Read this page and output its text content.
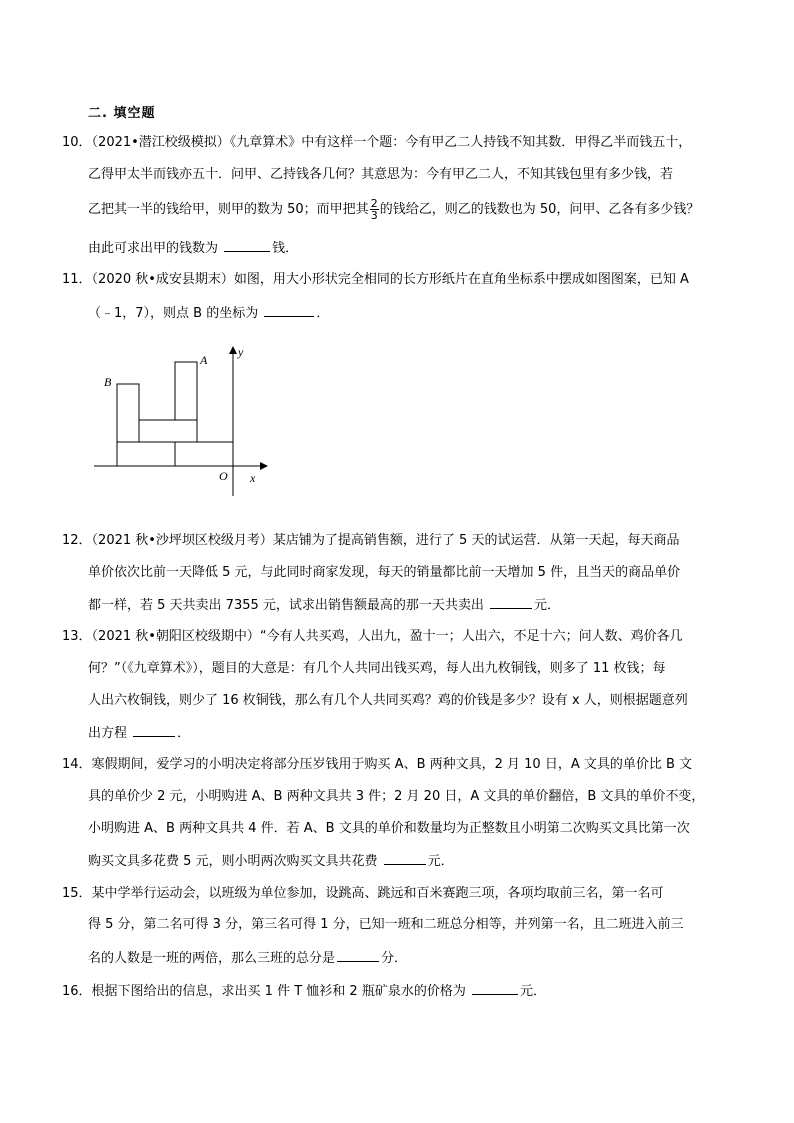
二. 填空题
10．（2021•潜江校级模拟）《九章算术》中有这样一个题：今有甲乙二人持钱不知其数．甲得乙半而钱五十，
乙得甲太半而钱亦五十．问甲、乙持钱各几何？其意思为：今有甲乙二人，不知其钱包里有多少钱，若
乙把其一半的钱给甲，则甲的数为 50；而甲把其 $\frac{2}{3}$ 的钱给乙，则乙的钱数也为 50，问甲、乙各有多少钱？
由此可求出甲的钱数为	钱．
11．（2020 秋•成安县期末）如图，用大小形状完全相同的长方形纸片在直角坐标系中摆成如图图案，已知 A
（﹣1，7），则点 B 的坐标为	．
B
A
O x
y
12．（2021 秋•沙坪坝区校级月考）某店铺为了提高销售额，进行了 5 天的试运营．从第一天起，每天商品
单价依次比前一天降低 5 元，与此同时商家发现，每天的销量都比前一天增加 5 件，且当天的商品单价
都一样，若 5 天共卖出 7355 元，试求出销售额最高的那一天共卖出	元．
13．（2021 秋•朝阳区校级期中）“今有人共买鸡，人出九，盈十一；人出六，不足十六；问人数、鸡价各几
何？”（《九章算术》），题目的大意是：有几个人共同出钱买鸡，每人出九枚铜钱，则多了 11 枚钱；每
人出六枚铜钱，则少了 16 枚铜钱，那么有几个人共同买鸡？鸡的价钱是多少？设有 x 人，则根据题意列
出方程	．
14．寒假期间，爱学习的小明决定将部分压岁钱用于购买 A、B 两种文具，2 月 10 日，A 文具的单价比 B 文
具的单价少 2 元，小明购进 A、B 两种文具共 3 件；2 月 20 日，A 文具的单价翻倍，B 文具的单价不变，
小明购进 A、B 两种文具共 4 件．若 A、B 文具的单价和数量均为正整数且小明第二次购买文具比第一次
购买文具多花费 5 元，则小明两次购买文具共花费	元．
15．某中学举行运动会，以班级为单位参加，设跳高、跳远和百米赛跑三项，各项均取前三名，第一名可
得 5 分，第二名可得 3 分，第三名可得 1 分，已知一班和二班总分相等，并列第一名，且二班进入前三
名的人数是一班的两倍，那么三班的总分是	分．
16．根据下图给出的信息，求出买 1 件 T 恤衫和 2 瓶矿泉水的价格为	元．
